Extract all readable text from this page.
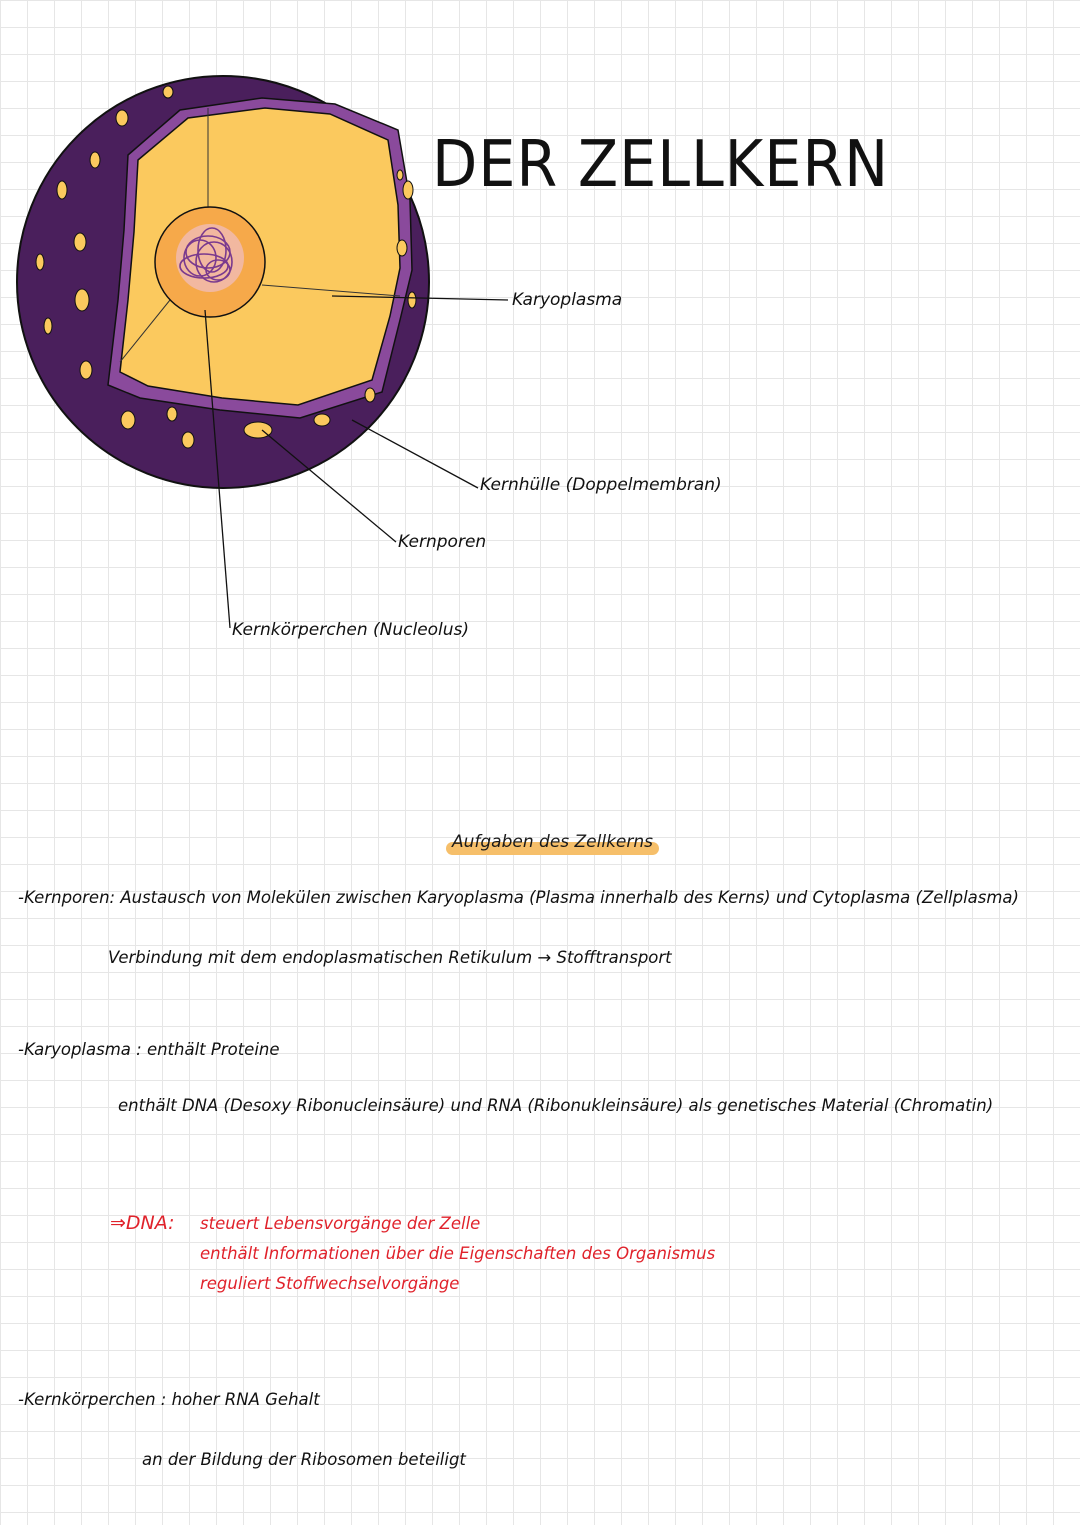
DER ZELLKERN
Karyoplasma
Kernhülle (Doppelmembran)
Kernporen
Kernkörperchen (Nucleolus)
Aufgaben des Zellkerns
-Kernporen: Austausch von Molekülen zwischen Karyoplasma (Plasma innerhalb des Kerns) und Cytoplasma (Zellplasma)
Verbindung mit dem endoplasmatischen Retikulum → Stofftransport
-Karyoplasma : enthält Proteine
enthält DNA (Desoxy Ribonucleinsäure) und RNA (Ribonukleinsäure) als genetisches Material (Chromatin)
⇒DNA: steuert Lebensvorgänge der Zelle
enthält Informationen über die Eigenschaften des Organismus
reguliert Stoffwechselvorgänge
-Kernkörperchen : hoher RNA Gehalt
an der Bildung der Ribosomen beteiligt
